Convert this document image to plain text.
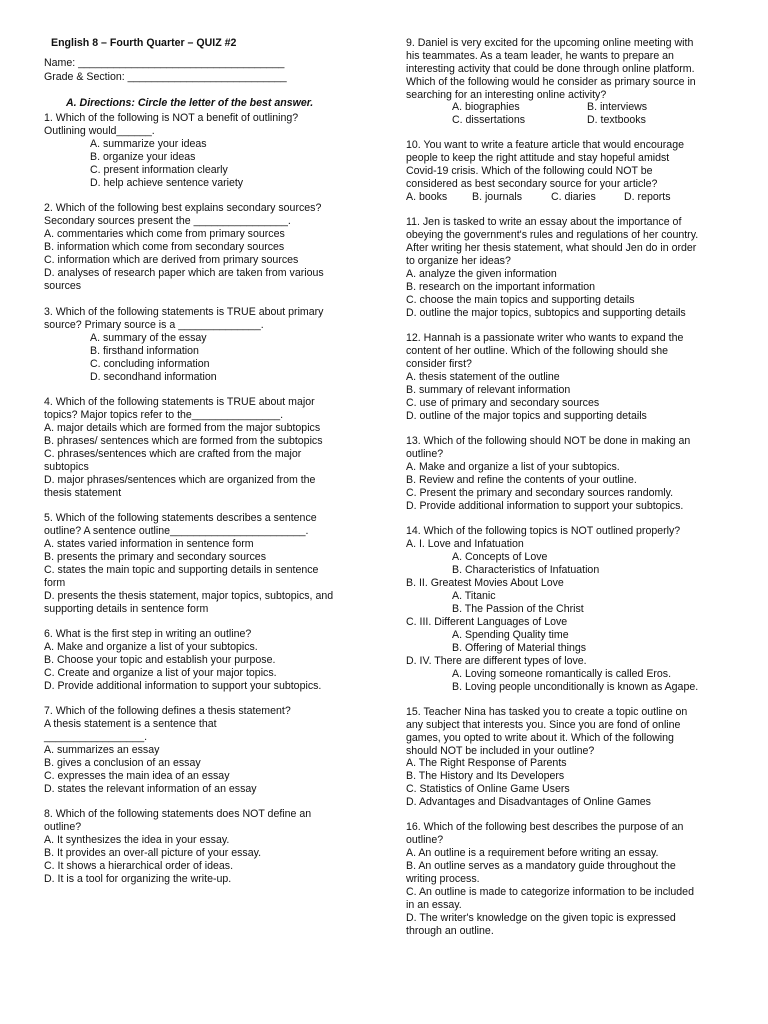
English 8 – Fourth Quarter – QUIZ #2
Name: ___________________________________
Grade & Section: ___________________________
A. Directions: Circle the letter of the best answer.
1. Which of the following is NOT a benefit of outlining?
Outlining would______.
A. summarize your ideas
B. organize your ideas
C. present information clearly
D. help achieve sentence variety
2. Which of the following best explains secondary sources?
Secondary sources present the ________________.
A. commentaries which come from primary sources
B. information which come from secondary sources
C. information which are derived from primary sources
D. analyses of research paper which are taken from various
sources
3. Which of the following statements is TRUE about primary
source? Primary source is a ______________.
A. summary of the essay
B. firsthand information
C. concluding information
D. secondhand information
4. Which of the following statements is TRUE about major
topics? Major topics refer to the_______________.
A. major details which are formed from the major subtopics
B. phrases/ sentences which are formed from the subtopics
C. phrases/sentences which are crafted from the major
subtopics
D. major phrases/sentences which are organized from the
thesis statement
5. Which of the following statements describes a sentence
outline? A sentence outline_______________________.
A. states varied information in sentence form
B. presents the primary and secondary sources
C. states the main topic and supporting details in sentence
form
D. presents the thesis statement, major topics, subtopics, and
supporting details in sentence form
6. What is the first step in writing an outline?
A. Make and organize a list of your subtopics.
B. Choose your topic and establish your purpose.
C. Create and organize a list of your major topics.
D. Provide additional information to support your subtopics.
7. Which of the following defines a thesis statement?
A thesis statement is a sentence that
_________________.
A. summarizes an essay
B. gives a conclusion of an essay
C. expresses the main idea of an essay
D. states the relevant information of an essay
8. Which of the following statements does NOT define an
outline?
A. It synthesizes the idea in your essay.
B. It provides an over-all picture of your essay.
C. It shows a hierarchical order of ideas.
D. It is a tool for organizing the write-up.
9. Daniel is very excited for the upcoming online meeting with
his teammates. As a team leader, he wants to prepare an
interesting activity that could be done through online platform.
Which of the following would he consider as primary source in
searching for an interesting online activity?
A. biographies	B. interviews
C. dissertations	D. textbooks
10. You want to write a feature article that would encourage
people to keep the right attitude and stay hopeful amidst
Covid-19 crisis. Which of the following could NOT be
considered as best secondary source for your article?
A. books B. journals	C. diaries	D. reports
11. Jen is tasked to write an essay about the importance of
obeying the government's rules and regulations of her country.
After writing her thesis statement, what should Jen do in order
to organize her ideas?
A. analyze the given information
B. research on the important information
C. choose the main topics and supporting details
D. outline the major topics, subtopics and supporting details
12. Hannah is a passionate writer who wants to expand the
content of her outline. Which of the following should she
consider first?
A. thesis statement of the outline
B. summary of relevant information
C. use of primary and secondary sources
D. outline of the major topics and supporting details
13. Which of the following should NOT be done in making an
outline?
A. Make and organize a list of your subtopics.
B. Review and refine the contents of your outline.
C. Present the primary and secondary sources randomly.
D. Provide additional information to support your subtopics.
14. Which of the following topics is NOT outlined properly?
A. I. Love and Infatuation
A. Concepts of Love
B. Characteristics of Infatuation
B. II. Greatest Movies About Love
A. Titanic
B. The Passion of the Christ
C. III. Different Languages of Love
A. Spending Quality time
B. Offering of Material things
D. IV. There are different types of love.
A. Loving someone romantically is called Eros.
B. Loving people unconditionally is known as Agape.
15. Teacher Nina has tasked you to create a topic outline on
any subject that interests you. Since you are fond of online
games, you opted to write about it. Which of the following
should NOT be included in your outline?
A. The Right Response of Parents
B. The History and Its Developers
C. Statistics of Online Game Users
D. Advantages and Disadvantages of Online Games
16. Which of the following best describes the purpose of an
outline?
A. An outline is a requirement before writing an essay.
B. An outline serves as a mandatory guide throughout the
writing process.
C. An outline is made to categorize information to be included
in an essay.
D. The writer's knowledge on the given topic is expressed
through an outline.
